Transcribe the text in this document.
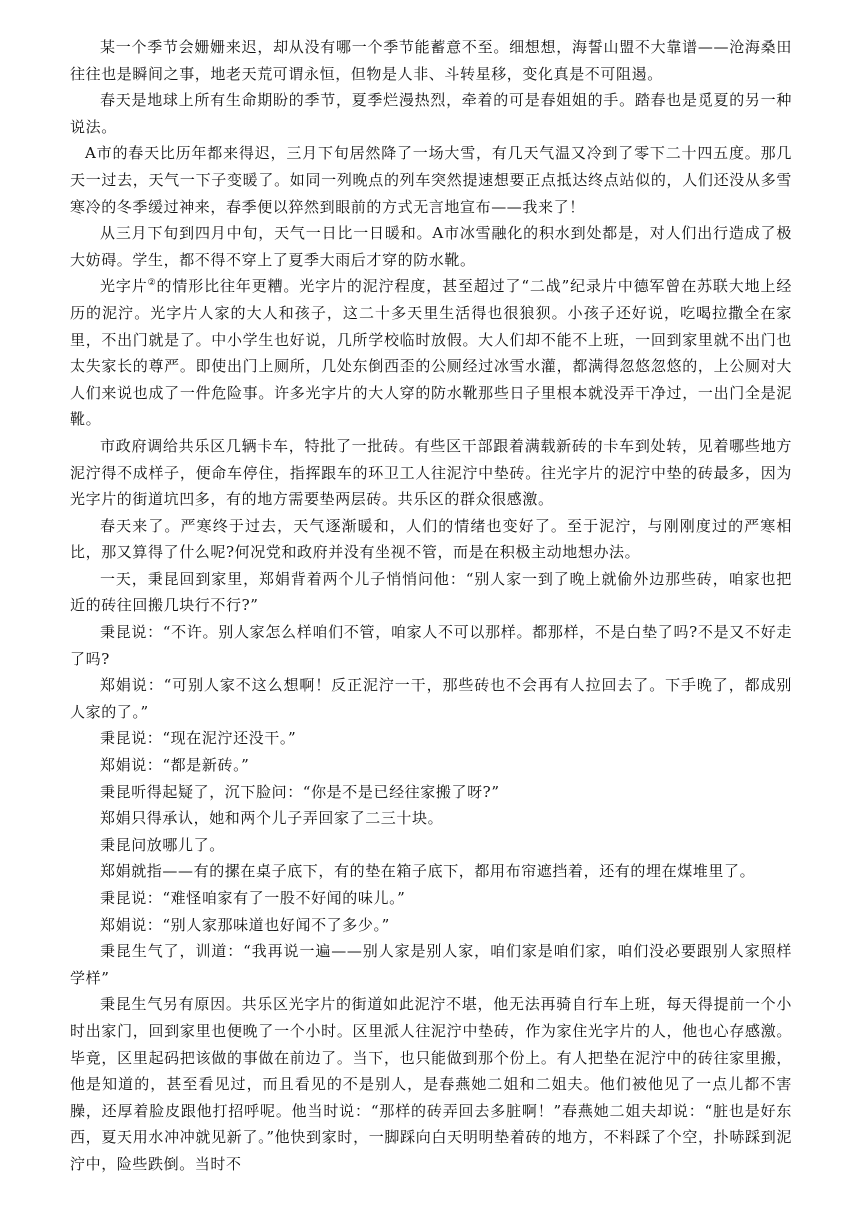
某一个季节会姗姗来迟，却从没有哪一个季节能蓄意不至。细想想，海誓山盟不大靠谱——沧海桑田往往也是瞬间之事，地老天荒可谓永恒，但物是人非、斗转星移，变化真是不可阻遏。

春天是地球上所有生命期盼的季节，夏季烂漫热烈，牵着的可是春姐姐的手。踏春也是觅夏的另一种说法。

A市的春天比历年都来得迟，三月下旬居然降了一场大雪，有几天气温又冷到了零下二十四五度。那几天一过去，天气一下子变暖了。如同一列晚点的列车突然提速想要正点抵达终点站似的，人们还没从多雪寒冷的冬季缓过神来，春季便以猝然到眼前的方式无言地宣布——我来了！

从三月下旬到四月中旬，天气一日比一日暖和。A市冰雪融化的积水到处都是，对人们出行造成了极大妨碍。学生，都不得不穿上了夏季大雨后才穿的防水靴。

光字片②的情形比往年更糟。光字片的泥泞程度，甚至超过了“二战”纪录片中德军曾在苏联大地上经历的泥泞。光字片人家的大人和孩子，这二十多天里生活得也很狼狈。小孩子还好说，吃喝拉撒全在家里，不出门就是了。中小学生也好说，几所学校临时放假。大人们却不能不上班，一回到家里就不出门也太失家长的尊严。即使出门上厕所，几处东倒西歪的公厕经过冰雪水灌，都满得忽悠忽悠的，上公厕对大人们来说也成了一件危险事。许多光字片的大人穿的防水靴那些日子里根本就没弄干净过，一出门全是泥靴。

市政府调给共乐区几辆卡车，特批了一批砖。有些区干部跟着满载新砖的卡车到处转，见着哪些地方泥泞得不成样子，便命车停住，指挥跟车的环卫工人往泥泞中垫砖。往光字片的泥泞中垫的砖最多，因为光字片的街道坑凹多，有的地方需要垫两层砖。共乐区的群众很感激。

春天来了。严寒终于过去，天气逐渐暖和，人们的情绪也变好了。至于泥泞，与刚刚度过的严寒相比，那又算得了什么呢?何况党和政府并没有坐视不管，而是在积极主动地想办法。

一天，秉昆回到家里，郑娟背着两个儿子悄悄问他：“别人家一到了晚上就偷外边那些砖，咱家也把近的砖往回搬几块行不行?”

秉昆说：“不许。别人家怎么样咱们不管，咱家人不可以那样。都那样，不是白垫了吗?不是又不好走了吗?

郑娟说：“可别人家不这么想啊！反正泥泞一干，那些砖也不会再有人拉回去了。下手晚了，都成别人家的了。”

秉昆说：“现在泥泞还没干。”

郑娟说：“都是新砖。”

秉昆听得起疑了，沉下脸问：“你是不是已经往家搬了呀?”

郑娟只得承认，她和两个儿子弄回家了二三十块。

秉昆问放哪儿了。

郑娟就指——有的摞在桌子底下，有的垫在箱子底下，都用布帘遮挡着，还有的埋在煤堆里了。

秉昆说：“难怪咱家有了一股不好闻的味儿。”

郑娟说：“别人家那味道也好闻不了多少。”

秉昆生气了，训道：“我再说一遍——别人家是别人家，咱们家是咱们家，咱们没必要跟别人家照样学样”

秉昆生气另有原因。共乐区光字片的街道如此泥泞不堪，他无法再骑自行车上班，每天得提前一个小时出家门，回到家里也便晚了一个小时。区里派人往泥泞中垫砖，作为家住光字片的人，他也心存感激。毕竟，区里起码把该做的事做在前边了。当下，也只能做到那个份上。有人把垫在泥泞中的砖往家里搬，他是知道的，甚至看见过，而且看见的不是别人，是春燕她二姐和二姐夫。他们被他见了一点儿都不害臊，还厚着脸皮跟他打招呼呢。他当时说：“那样的砖弄回去多脏啊！”春燕她二姐夫却说：“脏也是好东西，夏天用水冲冲就见新了。”他快到家时，一脚踩向白天明明垫着砖的地方，不料踩了个空，扑哧踩到泥泞中，险些跌倒。当时不
